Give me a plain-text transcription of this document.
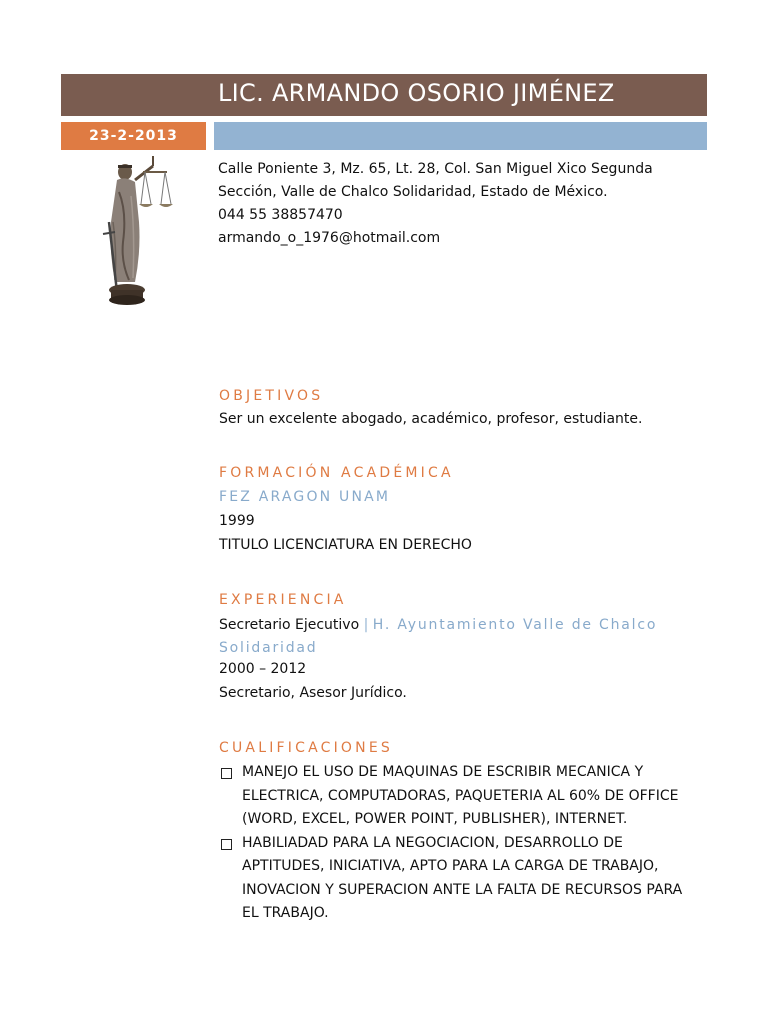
LIC. ARMANDO OSORIO JIMÉNEZ
23-2-2013
Calle Poniente 3, Mz. 65, Lt. 28, Col. San Miguel Xico Segunda
Sección, Valle de Chalco Solidaridad, Estado de México.
044 55 38857470
armando_o_1976@hotmail.com
OBJETIVOS
Ser un excelente abogado, académico, profesor, estudiante.
FORMACIÓN ACADÉMICA
FEZ ARAGON UNAM
1999
TITULO LICENCIATURA EN DERECHO
EXPERIENCIA
Secretario Ejecutivo | H. Ayuntamiento Valle de Chalco Solidaridad
2000 – 2012
Secretario, Asesor Jurídico.
CUALIFICACIONES
MANEJO EL USO DE MAQUINAS DE ESCRIBIR MECANICA Y ELECTRICA, COMPUTADORAS, PAQUETERIA AL 60% DE OFFICE (WORD, EXCEL, POWER POINT, PUBLISHER), INTERNET.
HABILIADAD PARA LA NEGOCIACION, DESARROLLO DE APTITUDES, INICIATIVA, APTO PARA LA CARGA DE TRABAJO, INOVACION Y SUPERACION ANTE LA FALTA DE RECURSOS PARA EL TRABAJO.
